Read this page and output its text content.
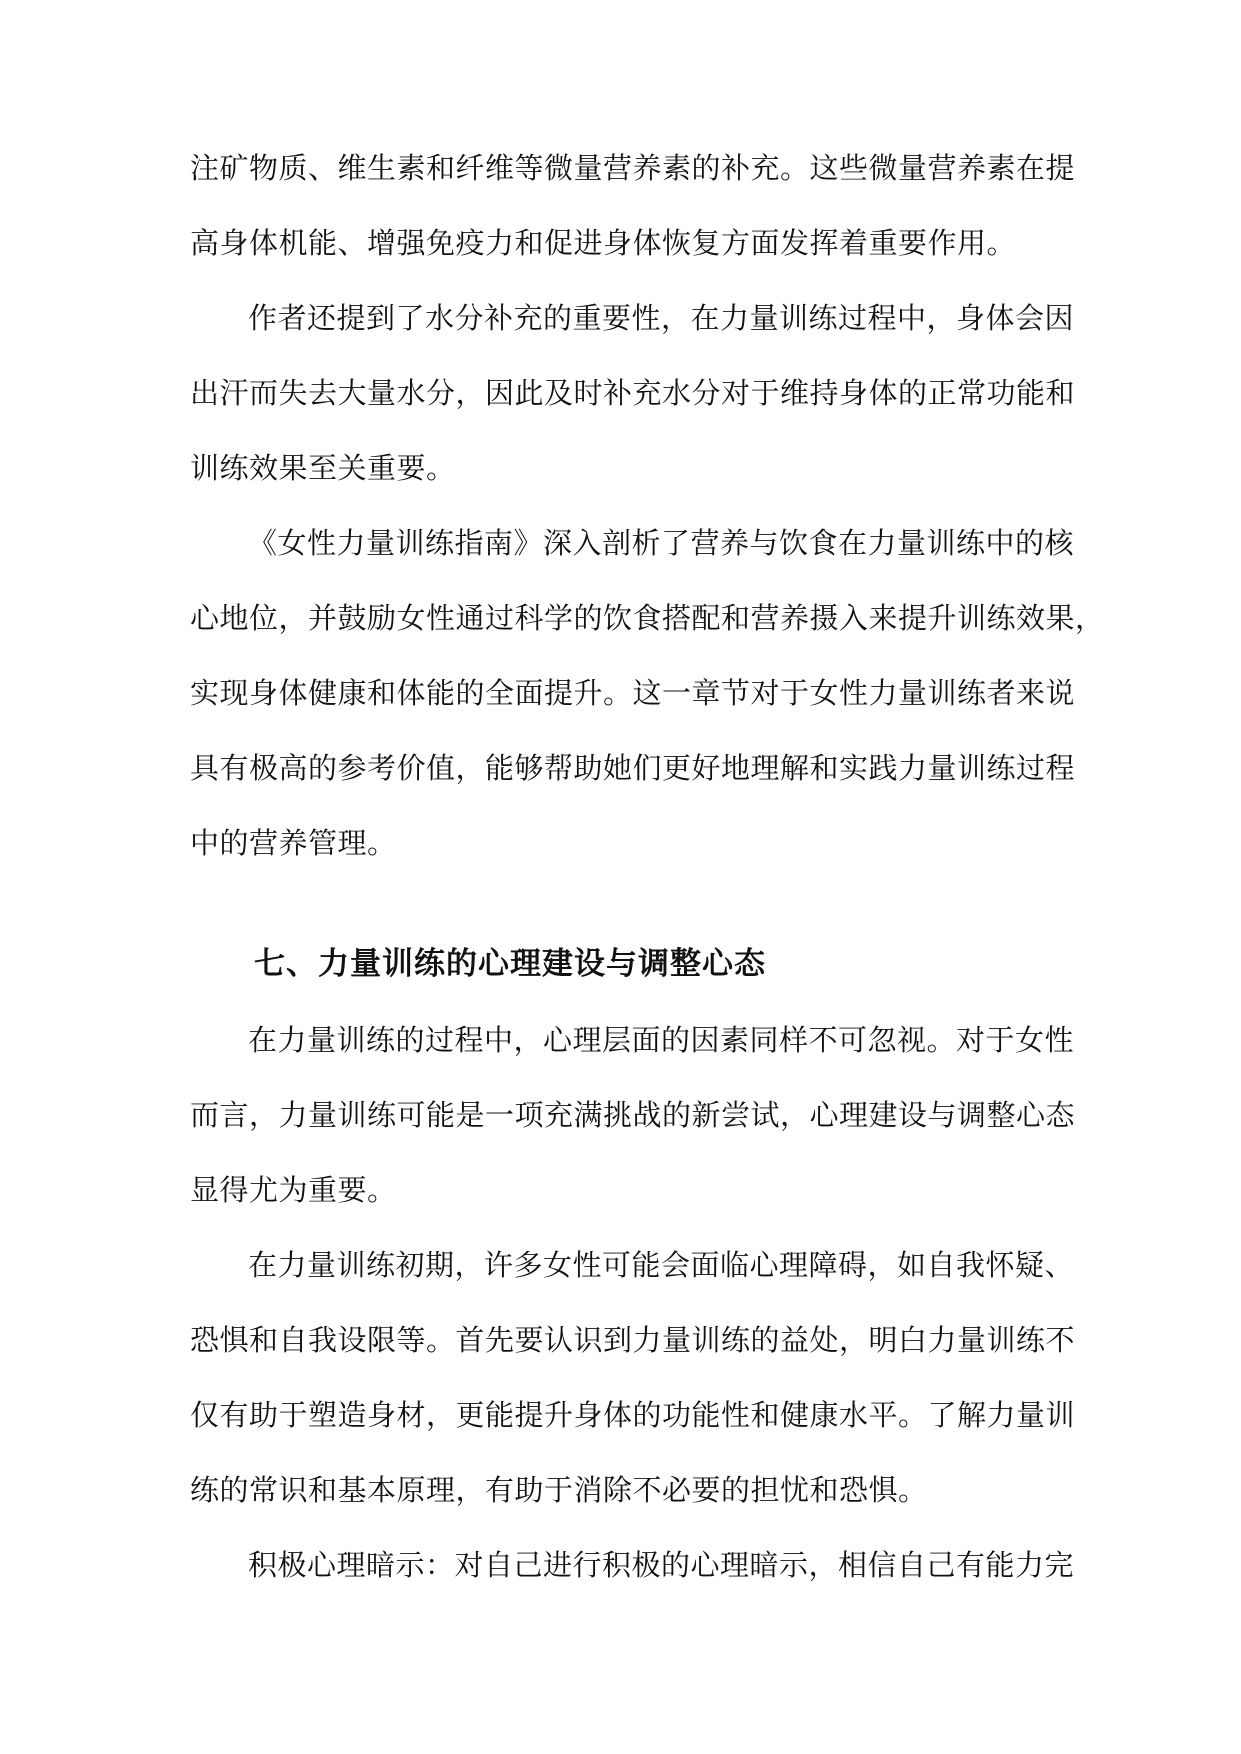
注矿物质、维生素和纤维等微量营养素的补充。这些微量营养素在提

高身体机能、增强免疫力和促进身体恢复方面发挥着重要作用。

作者还提到了水分补充的重要性，在力量训练过程中，身体会因

出汗而失去大量水分，因此及时补充水分对于维持身体的正常功能和

训练效果至关重要。

《女性力量训练指南》深入剖析了营养与饮食在力量训练中的核

心地位，并鼓励女性通过科学的饮食搭配和营养摄入来提升训练效果，

实现身体健康和体能的全面提升。这一章节对于女性力量训练者来说

具有极高的参考价值，能够帮助她们更好地理解和实践力量训练过程

中的营养管理。

七、力量训练的心理建设与调整心态

在力量训练的过程中，心理层面的因素同样不可忽视。对于女性

而言，力量训练可能是一项充满挑战的新尝试，心理建设与调整心态

显得尤为重要。

在力量训练初期，许多女性可能会面临心理障碍，如自我怀疑、

恐惧和自我设限等。首先要认识到力量训练的益处，明白力量训练不

仅有助于塑造身材，更能提升身体的功能性和健康水平。了解力量训

练的常识和基本原理，有助于消除不必要的担忧和恐惧。

积极心理暗示：对自己进行积极的心理暗示，相信自己有能力完
